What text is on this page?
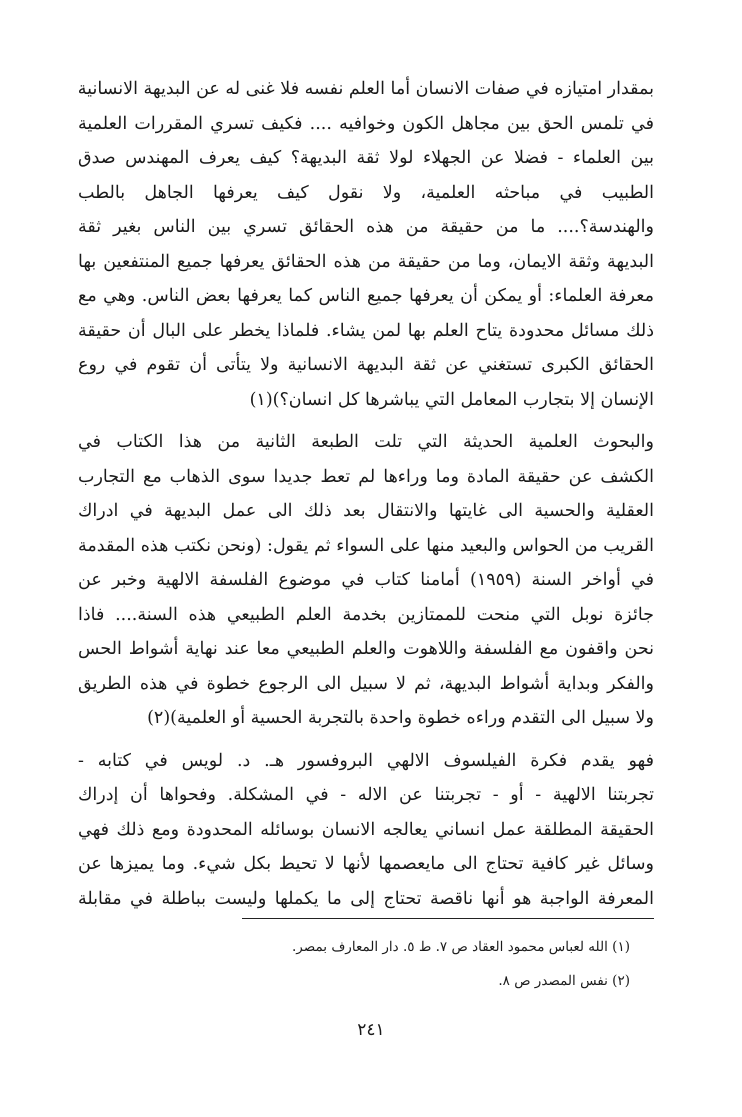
بمقدار امتيازه في صفات الانسان أما العلم نفسه فلا غنى له عن البديهة الانسانية
في تلمس الحق بين مجاهل الكون وخوافيه .... فكيف تسري المقررات العلمية
بين العلماء - فضلا عن الجهلاء لولا ثقة البديهة؟ كيف يعرف المهندس صدق
الطبيب في مباحثه العلمية، ولا نقول كيف يعرفها الجاهل بالطب
والهندسة؟.... ما من حقيقة من هذه الحقائق تسري بين الناس بغير ثقة
البديهة وثقة الايمان، وما من حقيقة من هذه الحقائق يعرفها جميع المنتفعين بها
معرفة العلماء: أو يمكن أن يعرفها جميع الناس كما يعرفها بعض الناس. وهي مع
ذلك مسائل محدودة يتاح العلم بها لمن يشاء. فلماذا يخطر على البال أن حقيقة
الحقائق الكبرى تستغني عن ثقة البديهة الانسانية ولا يتأتى أن تقوم في روع
الإنسان إلا بتجارب المعامل التي يباشرها كل انسان؟)(١)

والبحوث العلمية الحديثة التي تلت الطبعة الثانية من هذا الكتاب في
الكشف عن حقيقة المادة وما وراءها لم تعط جديدا سوى الذهاب مع التجارب
العقلية والحسية الى غايتها والانتقال بعد ذلك الى عمل البديهة في ادراك
القريب من الحواس والبعيد منها على السواء ثم يقول: (ونحن نكتب هذه المقدمة
في أواخر السنة (١٩٥٩) أمامنا كتاب في موضوع الفلسفة الالهية وخبر عن
جائزة نوبل التي منحت للممتازين بخدمة العلم الطبيعي هذه السنة.... فاذا
نحن واقفون مع الفلسفة واللاهوت والعلم الطبيعي معا عند نهاية أشواط الحس
والفكر وبداية أشواط البديهة، ثم لا سبيل الى الرجوع خطوة في هذه الطريق
ولا سبيل الى التقدم وراءه خطوة واحدة بالتجربة الحسية أو العلمية)(٢)

فهو يقدم فكرة الفيلسوف الالهي البروفسور هـ. د. لويس في كتابه -
تجربتنا الالهية - أو - تجربتنا عن الاله - في المشكلة. وفحواها أن إدراك
الحقيقة المطلقة عمل انساني يعالجه الانسان بوسائله المحدودة ومع ذلك فهي
وسائل غير كافية تحتاج الى مايعصمها لأنها لا تحيط بكل شيء. وما يميزها عن
المعرفة الواجبة هو أنها ناقصة تحتاج إلى ما يكملها وليست بباطلة في مقابلة

(١) الله لعباس محمود العقاد ص ٧. ط ٥. دار المعارف بمصر.

(٢) نفس المصدر ص ٨.

٢٤١
